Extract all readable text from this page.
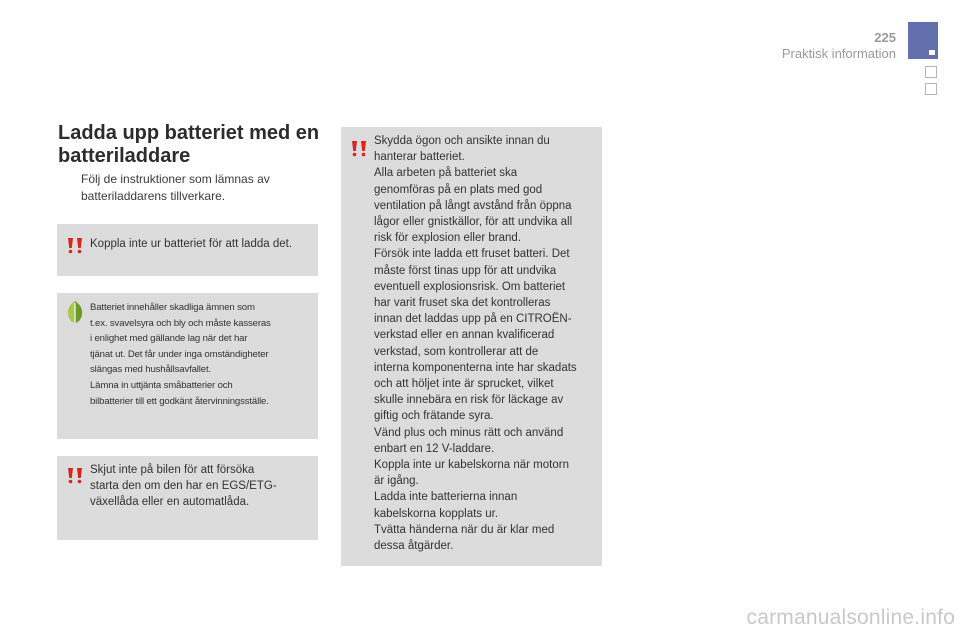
225
Praktisk information
Ladda upp batteriet med en batteriladdare
Följ de instruktioner som lämnas av batteriladdarens tillverkare.
Koppla inte ur batteriet för att ladda det.
Batteriet innehåller skadliga ämnen som
t.ex. svavelsyra och bly och måste kasseras
i enlighet med gällande lag när det har
tjänat ut. Det får under inga omständigheter
slängas med hushållsavfallet.
Lämna in uttjänta småbatterier och
bilbatterier till ett godkänt återvinningsställe.
Skjut inte på bilen för att försöka
starta den om den har en EGS/ETG-
växellåda eller en automatlåda.
Skydda ögon och ansikte innan du
hanterar batteriet.
Alla arbeten på batteriet ska
genomföras på en plats med god
ventilation på långt avstånd från öppna
lågor eller gnistkällor, för att undvika all
risk för explosion eller brand.
Försök inte ladda ett fruset batteri. Det
måste först tinas upp för att undvika
eventuell explosionsrisk. Om batteriet
har varit fruset ska det kontrolleras
innan det laddas upp på en CITROËN-
verkstad eller en annan kvalificerad
verkstad, som kontrollerar att de
interna komponenterna inte har skadats
och att höljet inte är sprucket, vilket
skulle innebära en risk för läckage av
giftig och frätande syra.
Vänd plus och minus rätt och använd
enbart en 12 V-laddare.
Koppla inte ur kabelskorna när motorn
är igång.
Ladda inte batterierna innan
kabelskorna kopplats ur.
Tvätta händerna när du är klar med
dessa åtgärder.
carmanualsonline.info
